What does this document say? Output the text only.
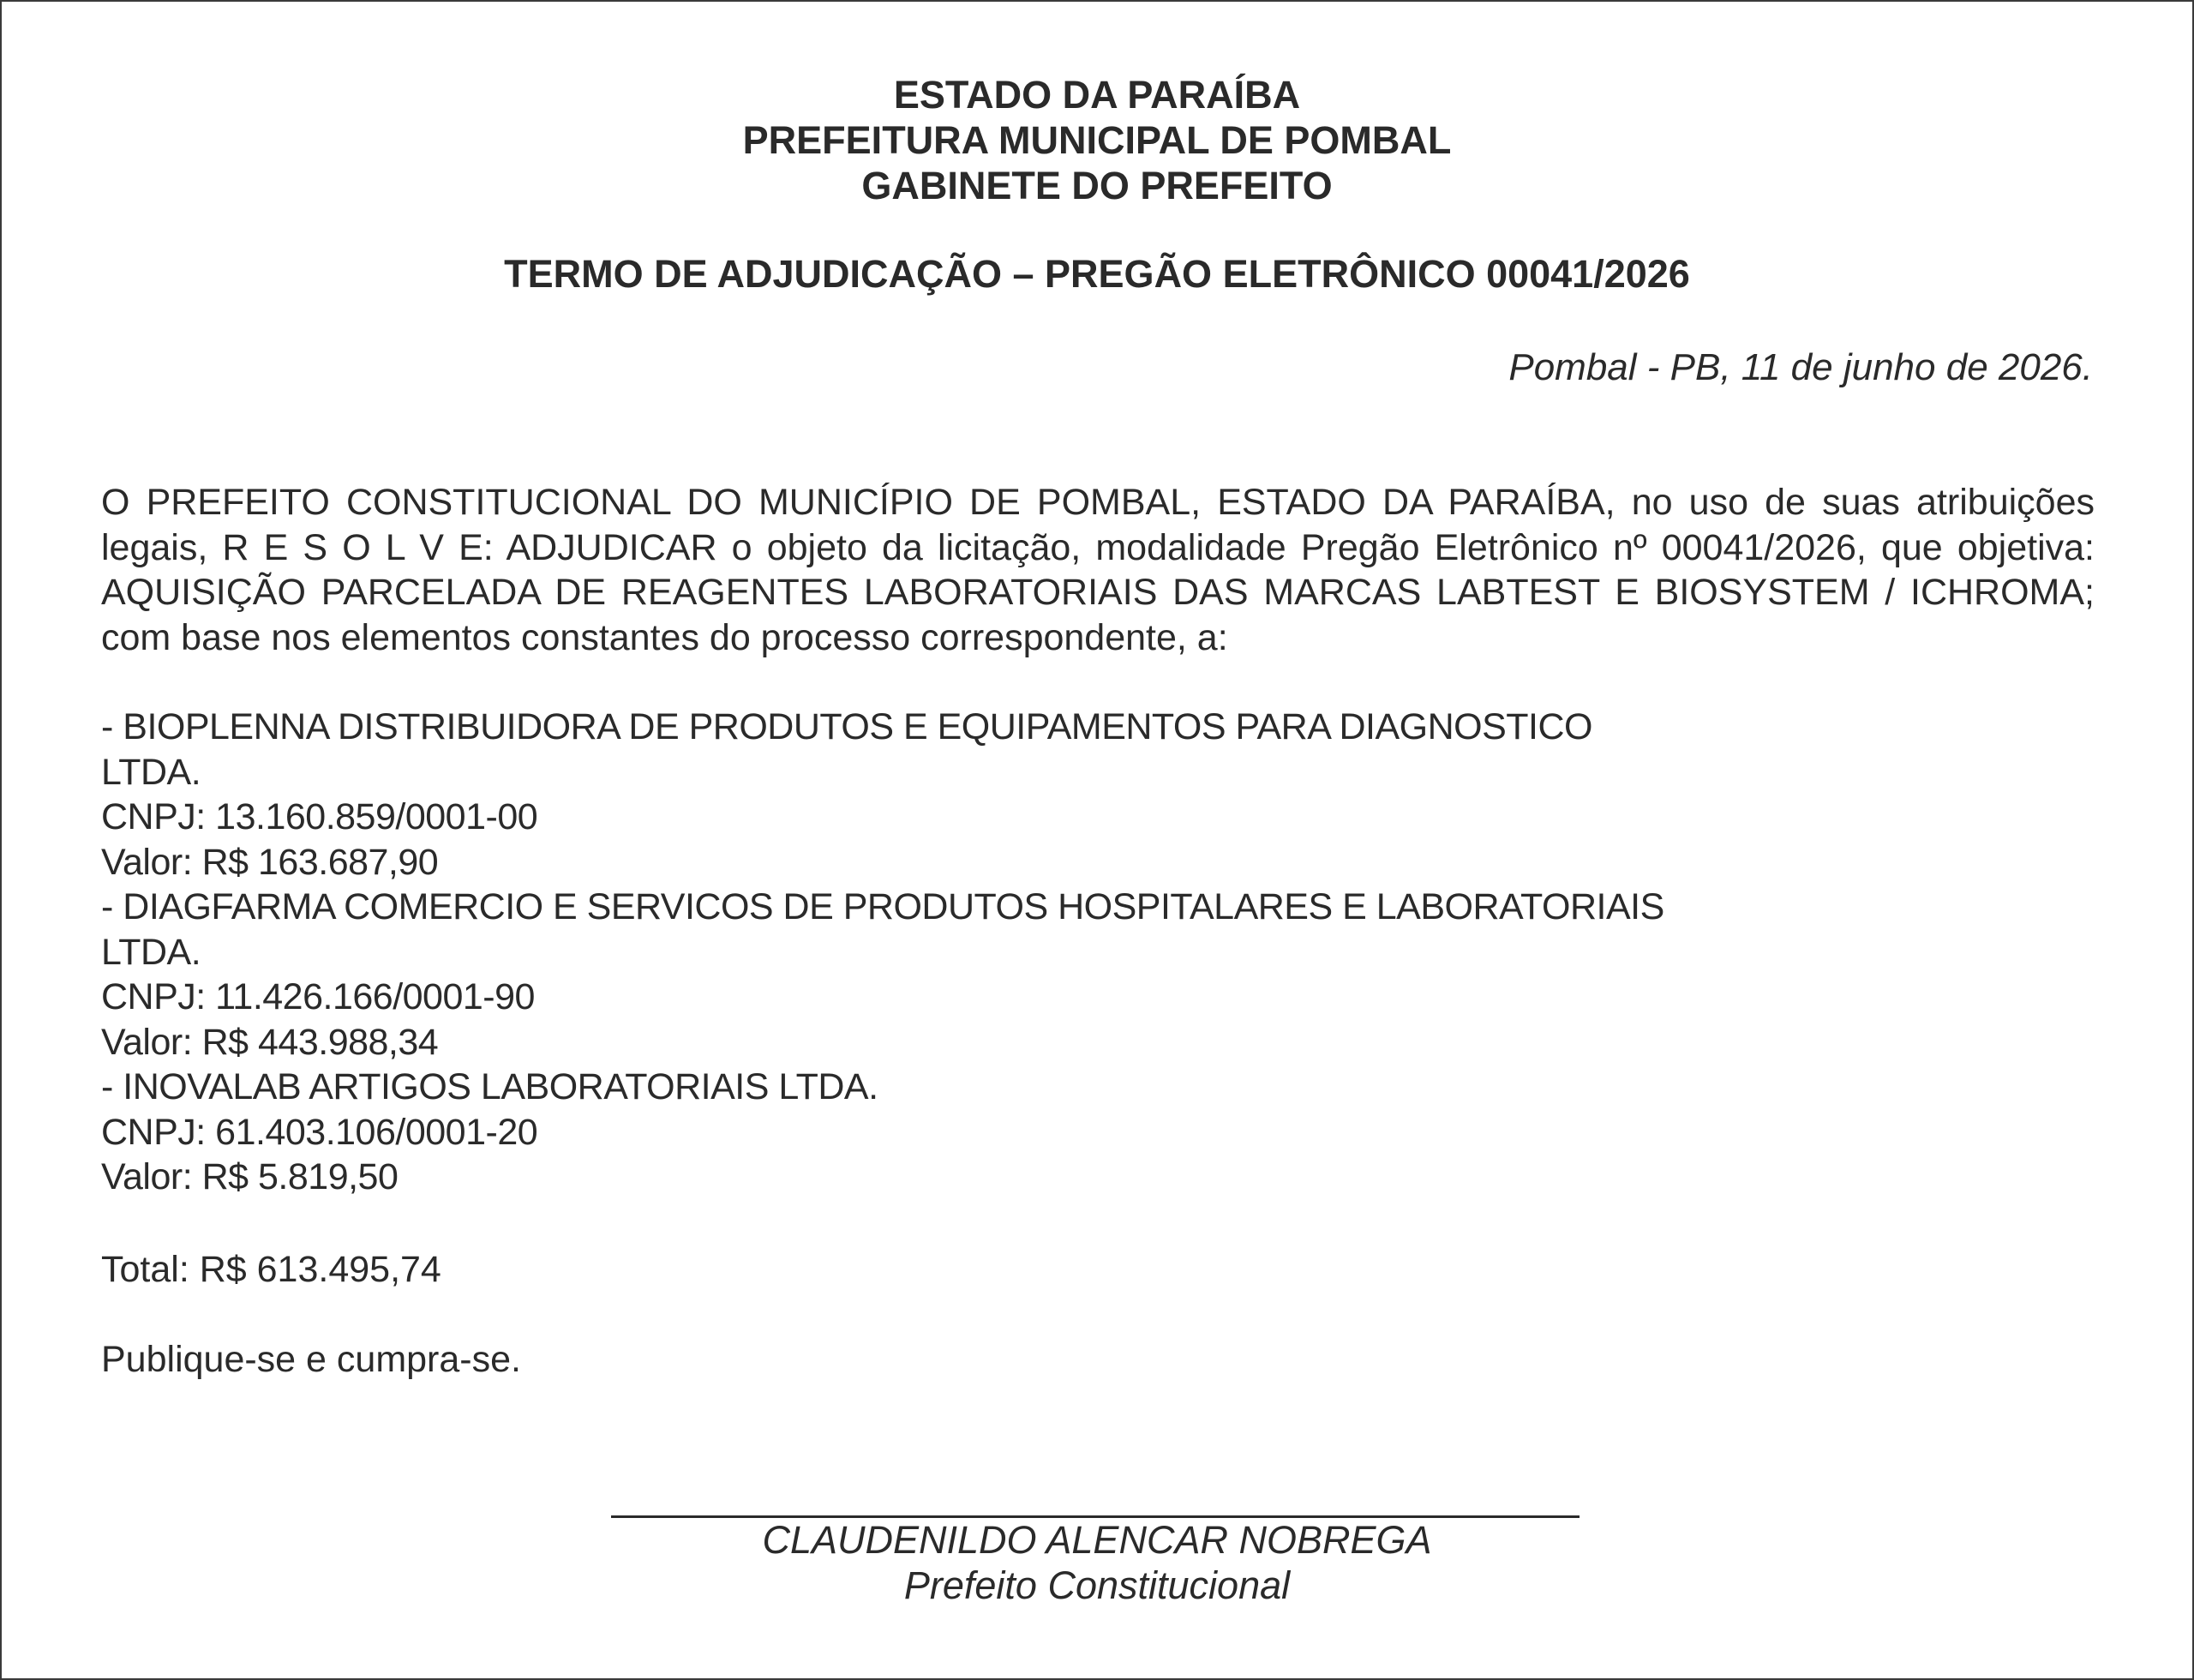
ESTADO DA PARAÍBA
PREFEITURA MUNICIPAL DE POMBAL
GABINETE DO PREFEITO
TERMO DE ADJUDICAÇÃO – PREGÃO ELETRÔNICO 00041/2026
Pombal - PB, 11 de junho de 2026.
O PREFEITO CONSTITUCIONAL DO MUNICÍPIO DE POMBAL, ESTADO DA PARAÍBA, no uso de suas atribuições legais, R E S O L V E: ADJUDICAR o objeto da licitação, modalidade Pregão Eletrônico nº 00041/2026, que objetiva: AQUISIÇÃO PARCELADA DE REAGENTES LABORATORIAIS DAS MARCAS LABTEST E BIOSYSTEM / ICHROMA; com base nos elementos constantes do processo correspondente, a:
- BIOPLENNA DISTRIBUIDORA DE PRODUTOS E EQUIPAMENTOS PARA DIAGNOSTICO
LTDA.
CNPJ: 13.160.859/0001-00
Valor: R$ 163.687,90
- DIAGFARMA COMERCIO E SERVICOS DE PRODUTOS HOSPITALARES E LABORATORIAIS
LTDA.
CNPJ: 11.426.166/0001-90
Valor: R$ 443.988,34
- INOVALAB ARTIGOS LABORATORIAIS LTDA.
CNPJ: 61.403.106/0001-20
Valor: R$ 5.819,50
Total: R$ 613.495,74
Publique-se e cumpra-se.
CLAUDENILDO ALENCAR NOBREGA
Prefeito Constitucional
